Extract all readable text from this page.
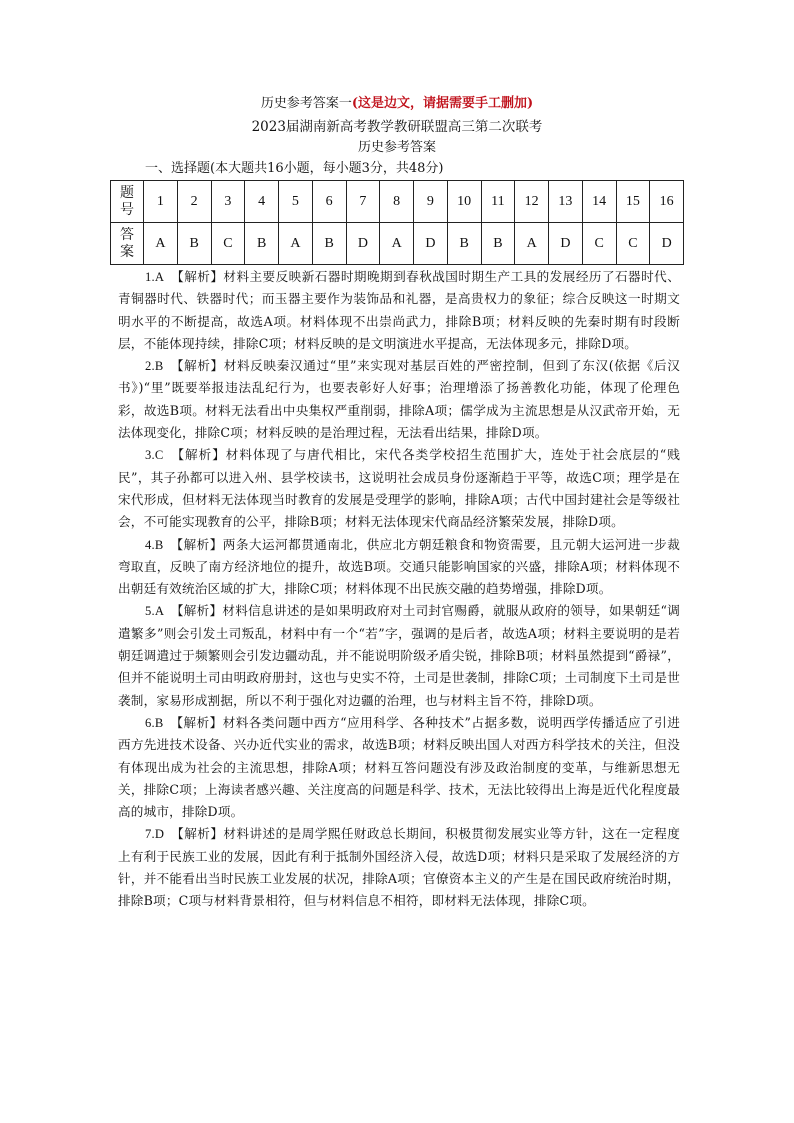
历史参考答案一(这是边文，请据需要手工删加)
2023届湖南新高考教学教研联盟高三第二次联考
历史参考答案
一、选择题(本大题共16小题，每小题3分，共48分)
题
号	1	2	3	4	5	6	7	8	9	10	11	12	13	14	15	16
答
案	A	B	C	B	A	B	D	A	D	B	B	A	D	C	C	D

1.A　 【解析】材料主要反映新石器时期晚期到春秋战国时期生产工具的发展经历了石器时代、青铜器时代、铁器时代；而玉器主要作为装饰品和礼器，是高贵权力的象征；综合反映这一时期文明水平的不断提高，故选A项。材料体现不出崇尚武力，排除B项；材料反映的先秦时期有时段断层，不能体现持续，排除C项；材料反映的是文明演进水平提高，无法体现多元，排除D项。

2.B　 【解析】材料反映秦汉通过“里”来实现对基层百姓的严密控制，但到了东汉(依据《后汉书》)“里”既要举报违法乱纪行为，也要表彰好人好事；治理增添了扬善教化功能，体现了伦理色彩，故选B项。材料无法看出中央集权严重削弱，排除A项；儒学成为主流思想是从汉武帝开始，无法体现变化，排除C项；材料反映的是治理过程，无法看出结果，排除D项。

3.C　 【解析】材料体现了与唐代相比，宋代各类学校招生范围扩大，连处于社会底层的“贱民”，其子孙都可以进入州、县学校读书，这说明社会成员身份逐渐趋于平等，故选C项；理学是在宋代形成，但材料无法体现当时教育的发展是受理学的影响，排除A项；古代中国封建社会是等级社会，不可能实现教育的公平，排除B项；材料无法体现宋代商品经济繁荣发展，排除D项。

4.B　 【解析】两条大运河都贯通南北，供应北方朝廷粮食和物资需要，且元朝大运河进一步裁弯取直，反映了南方经济地位的提升，故选B项。交通只能影响国家的兴盛，排除A项；材料体现不出朝廷有效统治区域的扩大，排除C项；材料体现不出民族交融的趋势增强，排除D项。

5.A　 【解析】材料信息讲述的是如果明政府对土司封官赐爵，就服从政府的领导，如果朝廷“调遣繁多”则会引发土司叛乱，材料中有一个“若”字，强调的是后者，故选A项；材料主要说明的是若朝廷调遣过于频繁则会引发边疆动乱，并不能说明阶级矛盾尖锐，排除B项；材料虽然提到“爵禄”，但并不能说明土司由明政府册封，这也与史实不符，土司是世袭制，排除C项；土司制度下土司是世袭制，家易形成割据，所以不利于强化对边疆的治理，也与材料主旨不符，排除D项。

6.B　 【解析】材料各类问题中西方“应用科学、各种技术”占据多数，说明西学传播适应了引进西方先进技术设备、兴办近代实业的需求，故选B项；材料反映出国人对西方科学技术的关注，但没有体现出成为社会的主流思想，排除A项；材料互答问题没有涉及政治制度的变革，与维新思想无关，排除C项；上海读者感兴趣、关注度高的问题是科学、技术，无法比较得出上海是近代化程度最高的城市，排除D项。

7.D　 【解析】材料讲述的是周学熙任财政总长期间，积极贯彻发展实业等方针，这在一定程度上有利于民族工业的发展，因此有利于抵制外国经济入侵，故选D项；材料只是采取了发展经济的方针，并不能看出当时民族工业发展的状况，排除A项；官僚资本主义的产生是在国民政府统治时期，排除B项；C项与材料背景相符，但与材料信息不相符，即材料无法体现，排除C项。
